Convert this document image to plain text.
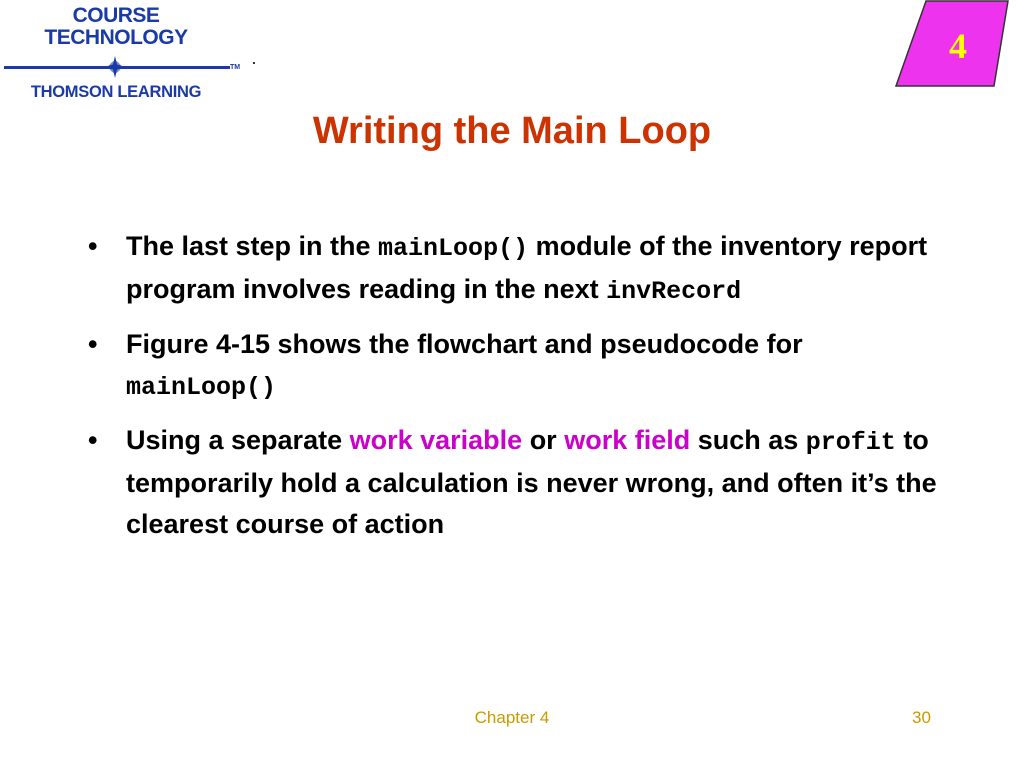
COURSE
TECHNOLOGY
TM
THOMSON LEARNING
4
Writing the Main Loop
• The last step in the mainLoop() module of the inventory report program involves reading in the next invRecord
• Figure 4-15 shows the flowchart and pseudocode for mainLoop()
• Using a separate work variable or work field such as profit to temporarily hold a calculation is never wrong, and often it’s the clearest course of action
Chapter 4	30
